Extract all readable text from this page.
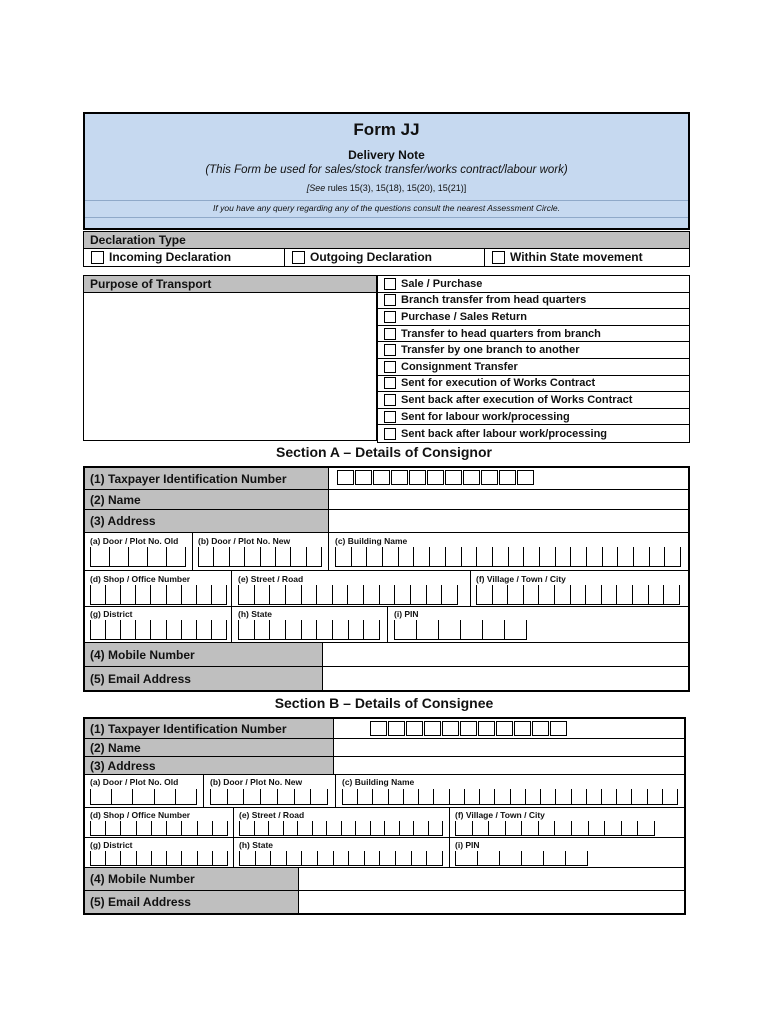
Form JJ
Delivery Note
(This Form be used for sales/stock transfer/works contract/labour work)
[See rules 15(3), 15(18), 15(20), 15(21)]
If you have any query regarding any of the questions consult the nearest Assessment Circle.
Declaration Type
Incoming Declaration	Outgoing Declaration	Within State movement
Purpose of Transport	Sale / Purchase
Branch transfer from head quarters
Purchase / Sales Return
Transfer to head quarters from branch
Transfer by one branch to another
Consignment Transfer
Sent for execution of Works Contract
Sent back after execution of Works Contract
Sent for labour work/processing
Sent back after labour work/processing
Section A – Details of Consignor
(1) Taxpayer Identification Number
(2) Name
(3) Address
(a) Door / Plot No. Old (b) Door / Plot No. New	(c) Building Name
(d) Shop / Office Number	(e) Street / Road	(f) Village / Town / City
(g) District	(h) State	(i) PIN
(4) Mobile Number
(5) Email Address
Section B – Details of Consignee
(1) Taxpayer Identification Number
(2) Name
(3) Address
(a) Door / Plot No. Old	(b) Door / Plot No. New	(c) Building Name
(d) Shop / Office Number	(e) Street / Road	(f) Village / Town / City
(g) District	(h) State	(i) PIN
(4) Mobile Number
(5) Email Address
